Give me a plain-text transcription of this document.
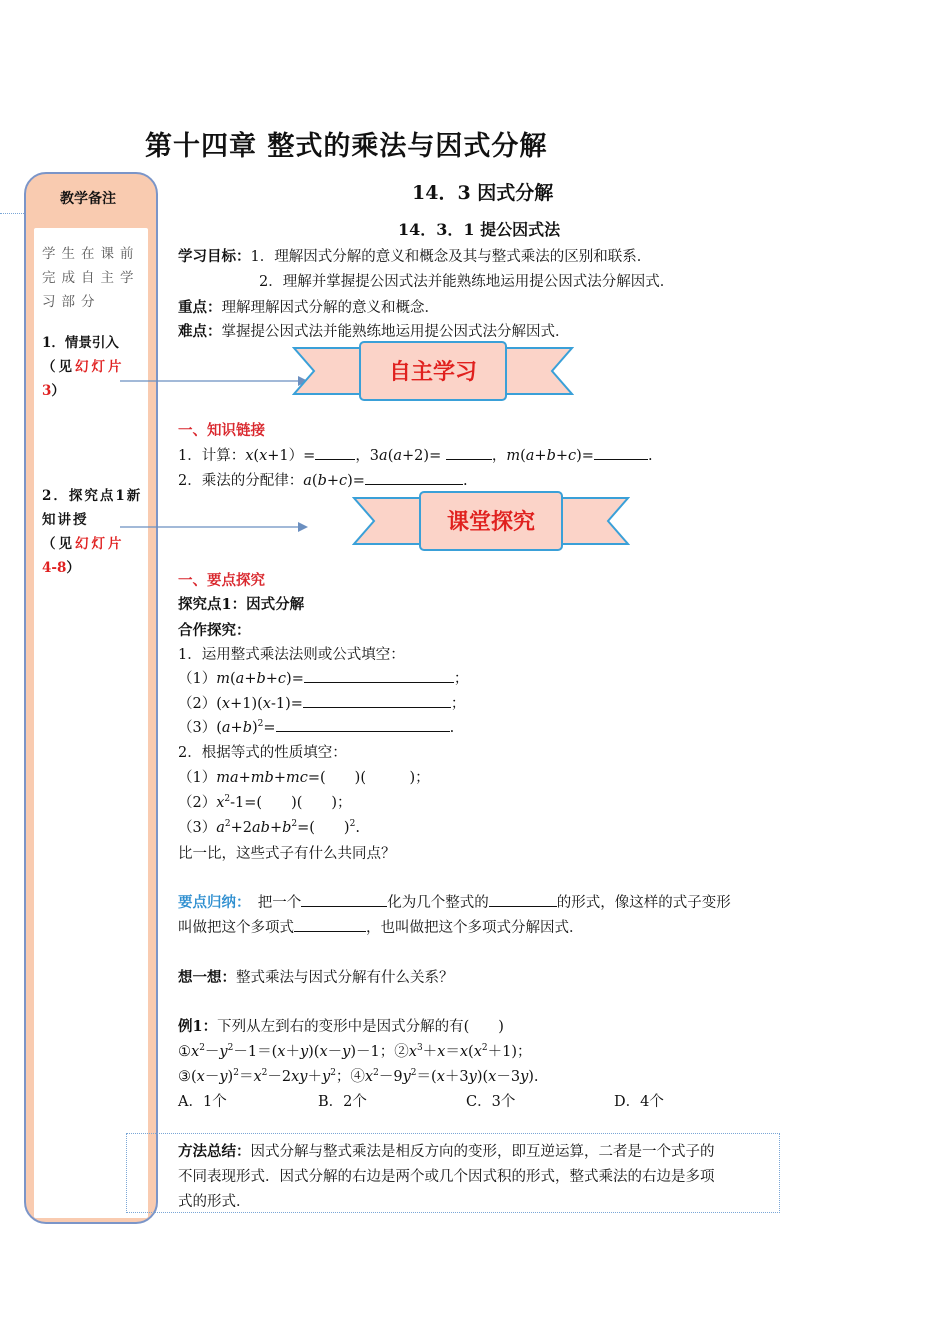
第十四章 整式的乘法与因式分解
14．3 因式分解
14．3．1 提公因式法
教学备注
学生在课前完成自主学习部分
1．情景引入
（见幻灯片
3）
2．探究点1新知讲授
（见幻灯片
4-8）
学习目标：1．理解因式分解的意义和概念及其与整式乘法的区别和联系．
2．理解并掌握提公因式法并能熟练地运用提公因式法分解因式．
重点：理解理解因式分解的意义和概念．
难点：掌握提公因式法并能熟练地运用提公因式法分解因式．
自主学习
一、知识链接
1．计算：x(x+1）=	，3a(a+2)=	，m(a+b+c)=	.
2．乘法的分配律：a(b+c)=	.
课堂探究
一、要点探究
探究点1：因式分解
合作探究：
1．运用整式乘法法则或公式填空：
（1）m(a+b+c)=	；
（2）(x+1)(x-1)=	；
$(3)(a+b)^2=$	.
2．根据等式的性质填空：
（1）ma+mb+mc=(　　)(　　　)；
$(2)x^2-1=$(　　)(　　)；
$(3)a^2+2ab+b^2=$(　　)$^2$.
比一比，这些式子有什么共同点？
要点归纳：　 把一个	化为几个整式的	的形式，像这样的式子变形
叫做把这个多项式	，也叫做把这个多项式分解因式．
想一想：整式乘法与因式分解有什么关系？
例1：下列从左到右的变形中是因式分解的有(　　)
$①x^2-y^2-1=(x+y)(x-y)-1$；$②x^3+x=x(x^2+1)$；
$③(x-y)^2=x^2-2xy+y^2$；$④x^2-9y^2=(x+3y)(x-3y)$.
A．1个	B．2个	C．3个	D．4个
方法总结：因式分解与整式乘法是相反方向的变形，即互逆运算，二者是一个式子的
不同表现形式．因式分解的右边是两个或几个因式积的形式，整式乘法的右边是多项
式的形式．
